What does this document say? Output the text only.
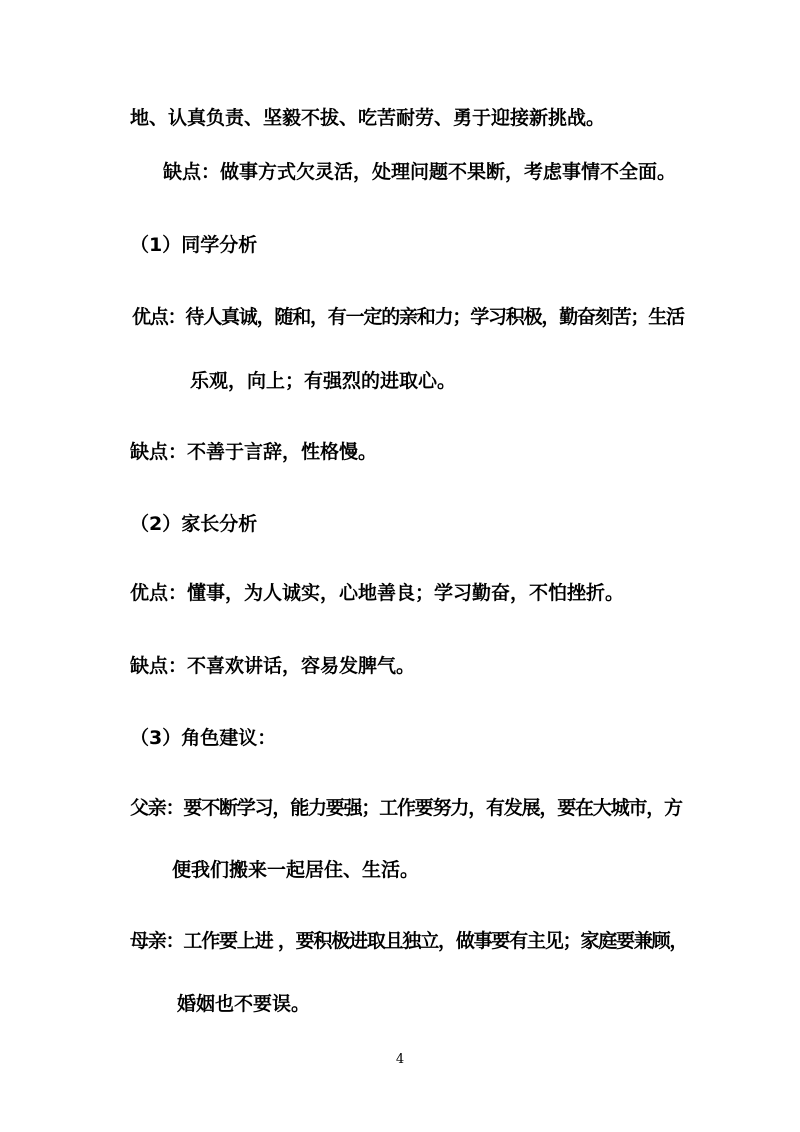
地、认真负责、坚毅不拔、吃苦耐劳、勇于迎接新挑战。
缺点：做事方式欠灵活，处理问题不果断，考虑事情不全面。
（1）同学分析
优点：待人真诚，随和，有一定的亲和力；学习积极，勤奋刻苦；生活
乐观，向上；有强烈的进取心。
缺点：不善于言辞，性格慢。
（2）家长分析
优点：懂事，为人诚实，心地善良；学习勤奋，不怕挫折。
缺点：不喜欢讲话，容易发脾气。
（3）角色建议：
父亲：要不断学习，能力要强；工作要努力，有发展，要在大城市，方
便我们搬来一起居住、生活。
母亲：工作要上进 ，要积极进取且独立，做事要有主见；家庭要兼顾，
婚姻也不要误。
4
